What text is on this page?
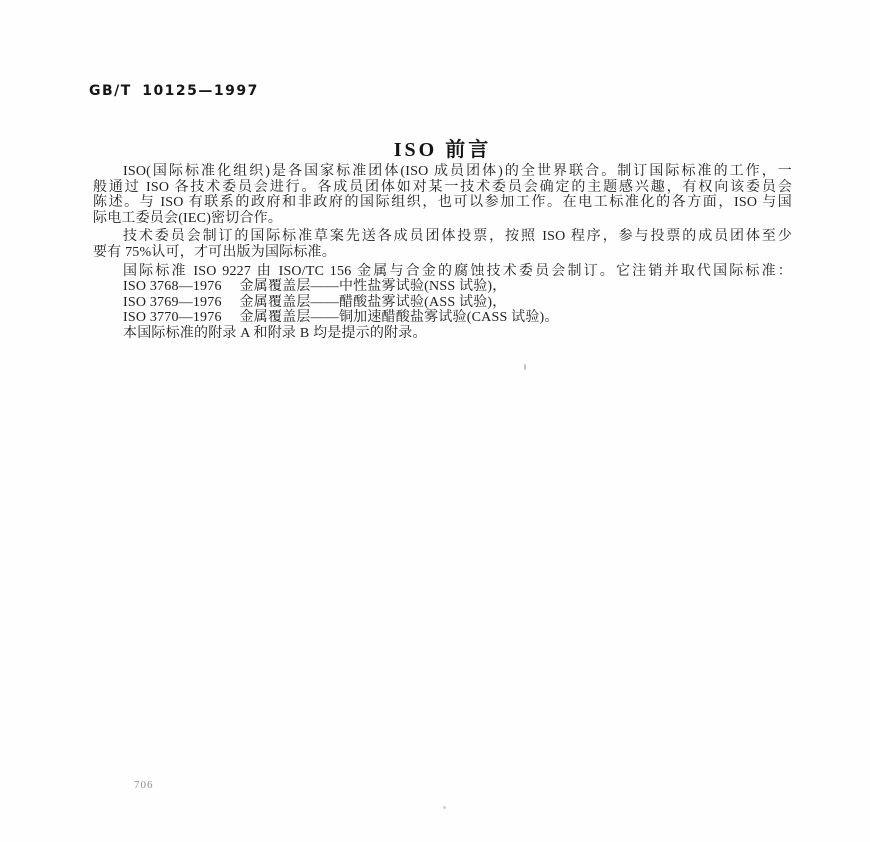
GB/T 10125—1997
ISO 前言
ISO(国际标准化组织)是各国家标准团体(ISO 成员团体)的全世界联合。制订国际标准的工作，一
般通过 ISO 各技术委员会进行。各成员团体如对某一技术委员会确定的主题感兴趣，有权向该委员会
陈述。与 ISO 有联系的政府和非政府的国际组织，也可以参加工作。在电工标准化的各方面，ISO 与国
际电工委员会(IEC)密切合作。
技术委员会制订的国际标准草案先送各成员团体投票，按照 ISO 程序，参与投票的成员团体至少
要有 75%认可，才可出版为国际标准。
国际标准 ISO 9227 由 ISO/TC 156 金属与合金的腐蚀技术委员会制订。它注销并取代国际标准：
ISO 3768—1976　 金属覆盖层——中性盐雾试验(NSS 试验)，
ISO 3769—1976　 金属覆盖层——醋酸盐雾试验(ASS 试验)，
ISO 3770—1976　 金属覆盖层——铜加速醋酸盐雾试验(CASS 试验)。
本国际标准的附录 A 和附录 B 均是提示的附录。
706
